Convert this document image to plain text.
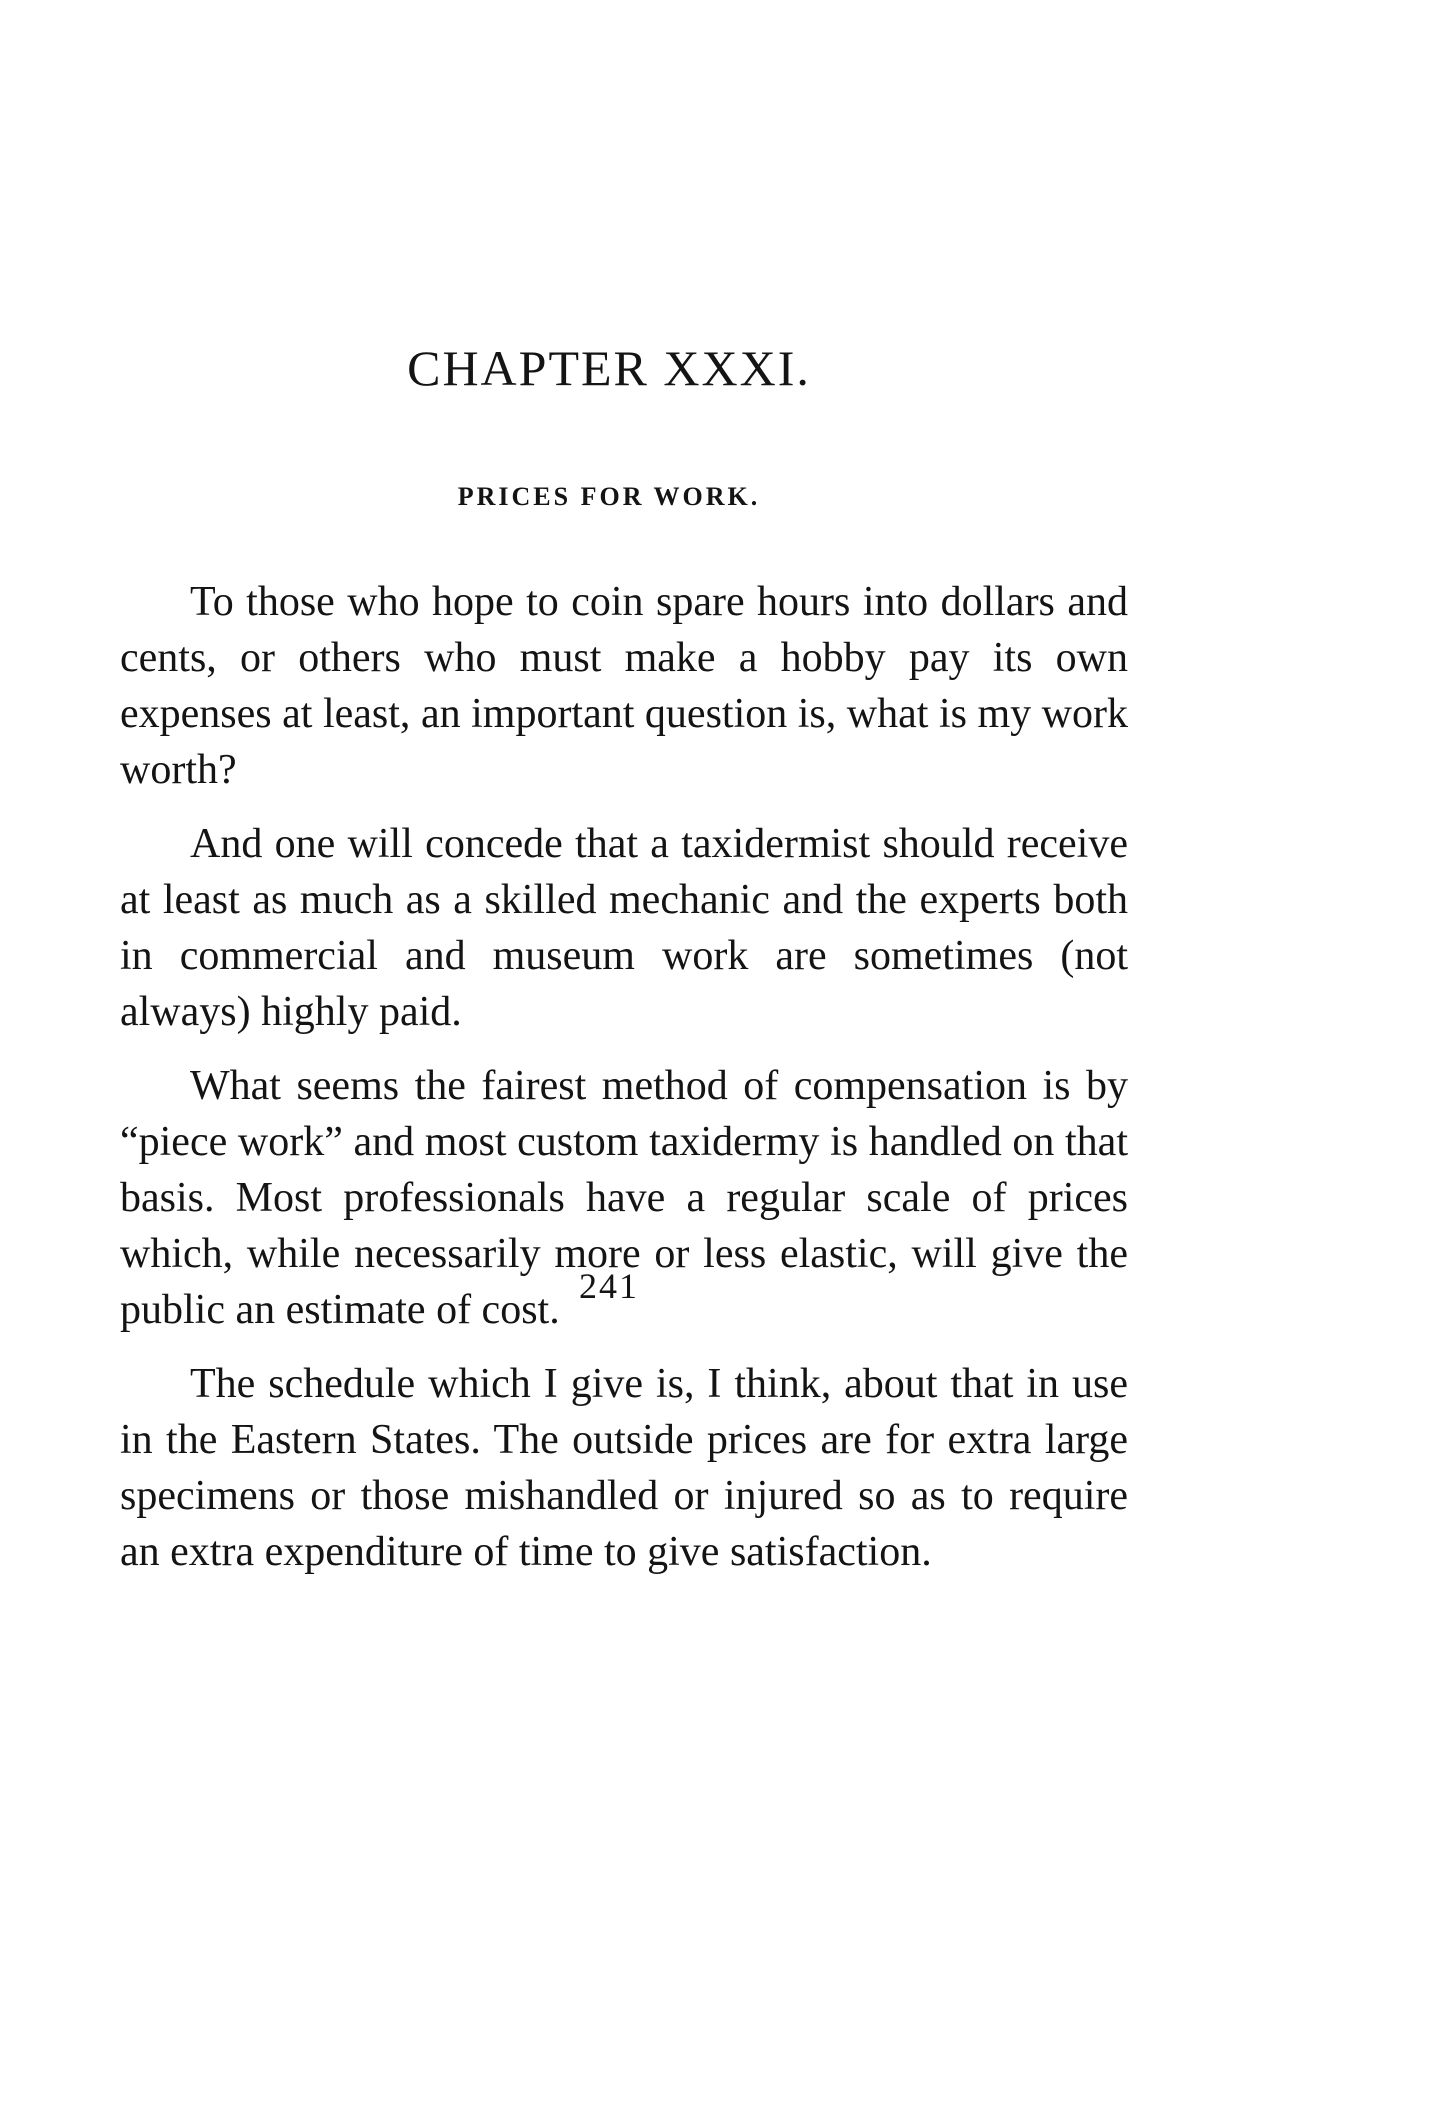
CHAPTER XXXI.
PRICES FOR WORK.

To those who hope to coin spare hours into dollars and cents, or others who must make a hobby pay its own expenses at least, an important question is, what is my work worth?

And one will concede that a taxidermist should receive at least as much as a skilled mechanic and the experts both in commercial and museum work are sometimes (not always) highly paid.

What seems the fairest method of compensation is by “piece work” and most custom taxidermy is handled on that basis. Most professionals have a regular scale of prices which, while necessarily more or less elastic, will give the public an estimate of cost.

The schedule which I give is, I think, about that in use in the Eastern States. The outside prices are for extra large specimens or those mishandled or injured so as to require an extra expenditure of time to give satisfaction.

241
